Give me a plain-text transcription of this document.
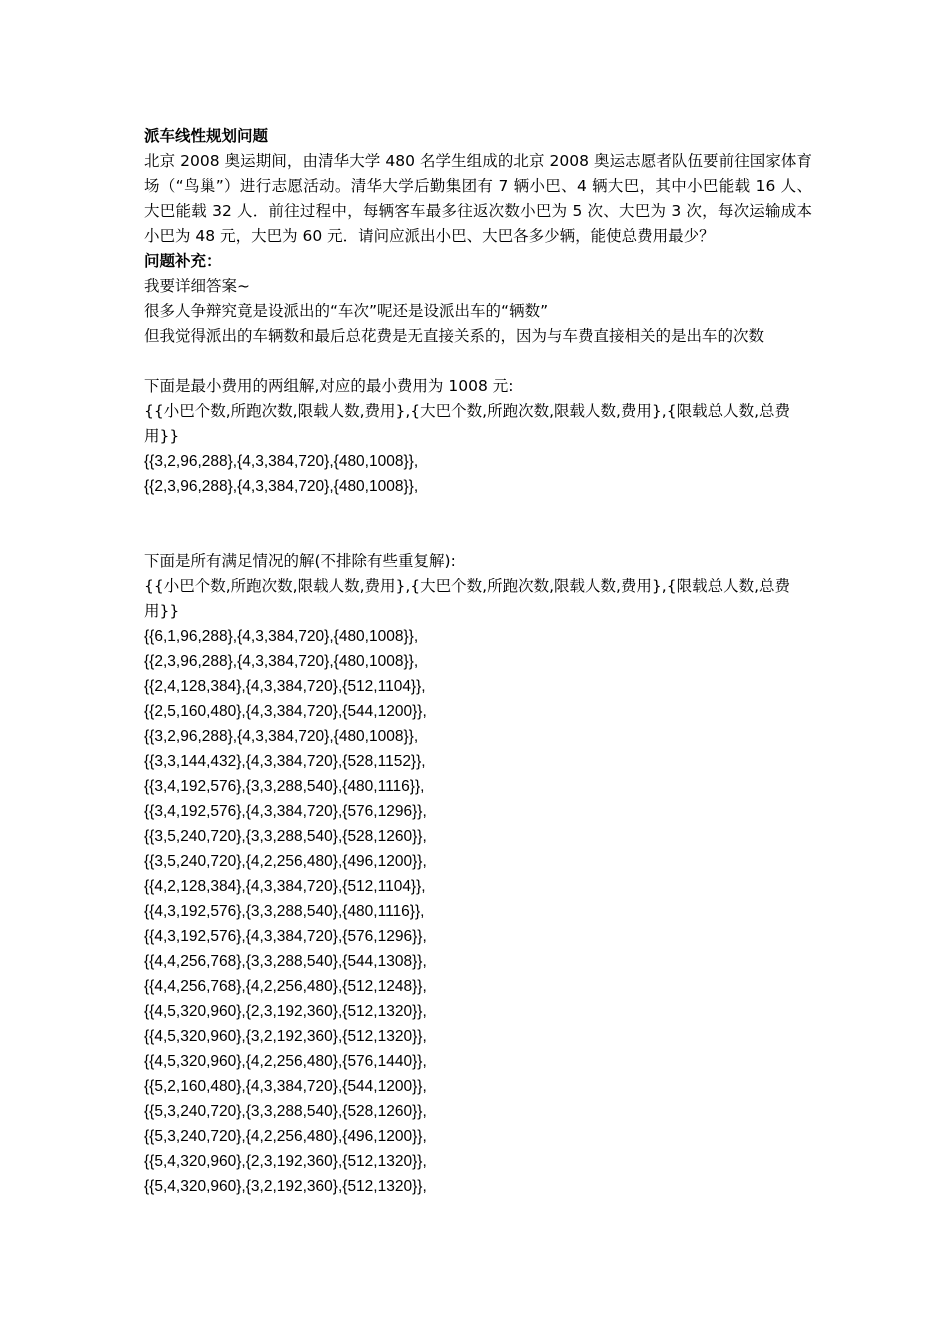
派车线性规划问题

北京 2008 奥运期间，由清华大学 480 名学生组成的北京 2008 奥运志愿者队伍要前往国家体育场（“鸟巢”）进行志愿活动。清华大学后勤集团有 7 辆小巴、4 辆大巴，其中小巴能载 16 人、大巴能载 32 人．前往过程中，每辆客车最多往返次数小巴为 5 次、大巴为 3 次，每次运输成本小巴为 48 元，大巴为 60 元．请问应派出小巴、大巴各多少辆，能使总费用最少？

问题补充：
我要详细答案~
很多人争辩究竟是设派出的“车次”呢还是设派出车的“辆数”

但我觉得派出的车辆数和最后总花费是无直接关系的，因为与车费直接相关的是出车的次数

下面是最小费用的两组解,对应的最小费用为 1008 元:

{{小巴个数,所跑次数,限载人数,费用},{大巴个数,所跑次数,限载人数,费用},{限载总人数,总费用}}

{{3,2,96,288},{4,3,384,720},{480,1008}},
{{2,3,96,288},{4,3,384,720},{480,1008}},
下面是所有满足情况的解(不排除有些重复解):

{{小巴个数,所跑次数,限载人数,费用},{大巴个数,所跑次数,限载人数,费用},{限载总人数,总费用}}

{{6,1,96,288},{4,3,384,720},{480,1008}},
{{2,3,96,288},{4,3,384,720},{480,1008}},
{{2,4,128,384},{4,3,384,720},{512,1104}},
{{2,5,160,480},{4,3,384,720},{544,1200}},
{{3,2,96,288},{4,3,384,720},{480,1008}},
{{3,3,144,432},{4,3,384,720},{528,1152}},
{{3,4,192,576},{3,3,288,540},{480,1116}},
{{3,4,192,576},{4,3,384,720},{576,1296}},
{{3,5,240,720},{3,3,288,540},{528,1260}},
{{3,5,240,720},{4,2,256,480},{496,1200}},
{{4,2,128,384},{4,3,384,720},{512,1104}},
{{4,3,192,576},{3,3,288,540},{480,1116}},
{{4,3,192,576},{4,3,384,720},{576,1296}},
{{4,4,256,768},{3,3,288,540},{544,1308}},
{{4,4,256,768},{4,2,256,480},{512,1248}},
{{4,5,320,960},{2,3,192,360},{512,1320}},
{{4,5,320,960},{3,2,192,360},{512,1320}},
{{4,5,320,960},{4,2,256,480},{576,1440}},
{{5,2,160,480},{4,3,384,720},{544,1200}},
{{5,3,240,720},{3,3,288,540},{528,1260}},
{{5,3,240,720},{4,2,256,480},{496,1200}},
{{5,4,320,960},{2,3,192,360},{512,1320}},
{{5,4,320,960},{3,2,192,360},{512,1320}},
